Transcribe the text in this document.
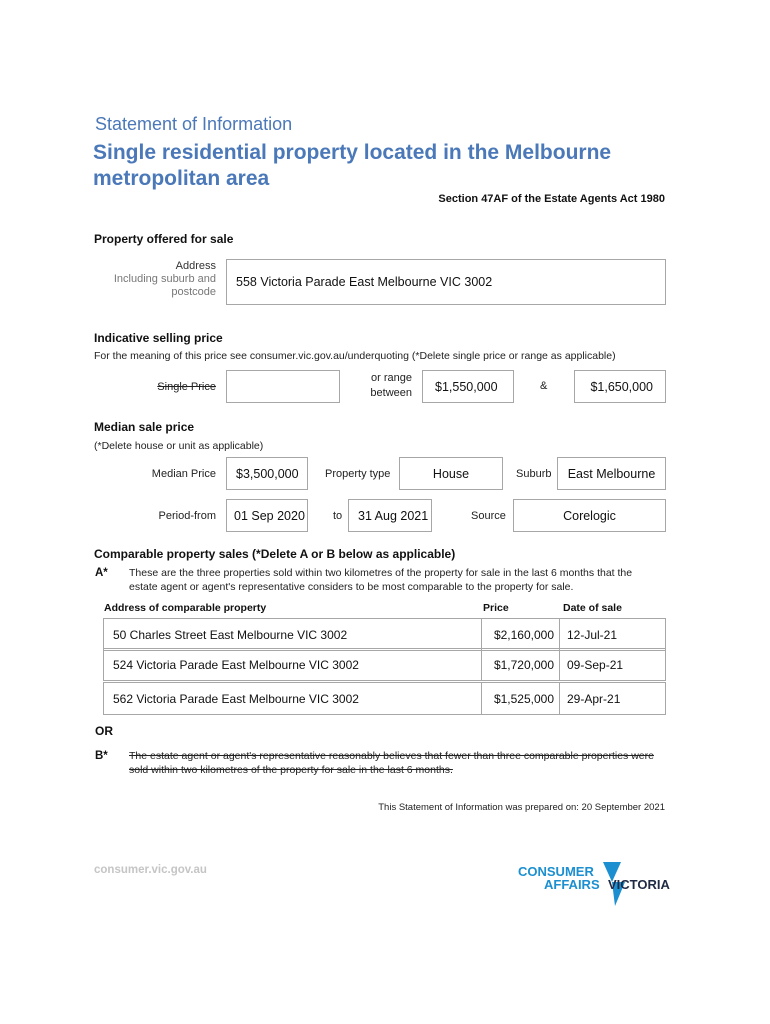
Statement of Information
Single residential property located in the Melbourne metropolitan area
Section 47AF of the Estate Agents Act 1980
Property offered for sale
Address
Including suburb and
postcode
558 Victoria Parade East Melbourne VIC 3002
Indicative selling price
For the meaning of this price see consumer.vic.gov.au/underquoting (*Delete single price or range as applicable)
Single Price
or range
between	$1,550,000	&	$1,650,000
Median sale price
(*Delete house or unit as applicable)
Median Price	$3,500,000	Property type	House	Suburb	East Melbourne
Period-from	01 Sep 2020	to	31 Aug 2021	Source	Corelogic
Comparable property sales (*Delete A or B below as applicable)
A* These are the three properties sold within two kilometres of the property for sale in the last 6 months that the estate agent or agent's representative considers to be most comparable to the property for sale.
Address of comparable property	Price	Date of sale
50 Charles Street East Melbourne VIC 3002	$2,160,000	12-Jul-21
524 Victoria Parade East Melbourne VIC 3002	$1,720,000	09-Sep-21
562 Victoria Parade East Melbourne VIC 3002	$1,525,000	29-Apr-21
OR
B* The estate agent or agent's representative reasonably believes that fewer than three comparable properties were sold within two kilometres of the property for sale in the last 6 months.
This Statement of Information was prepared on: 20 September 2021
consumer.vic.gov.au	CONSUMER
AFFAIRS VICTORIA
